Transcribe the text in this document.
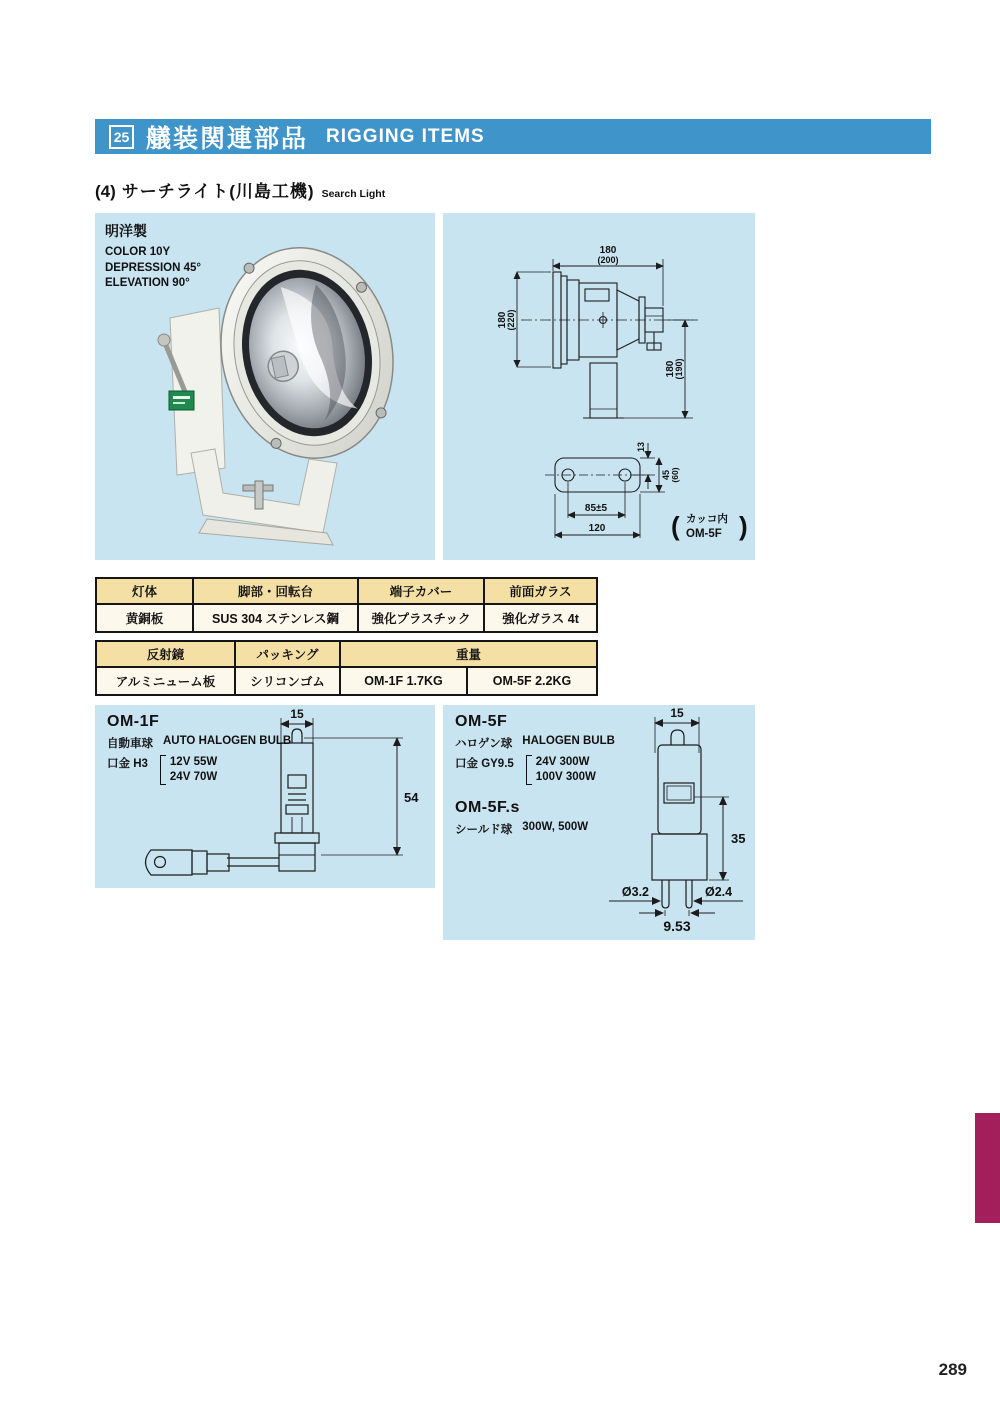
25 艤装関連部品 RIGGING ITEMS
(4) サーチライト(川島工機) Search Light
明洋製
COLOR 10Y
DEPRESSION 45°
ELEVATION 90°
180
(200)
180
(220)
180
(190)
85±5
120
13
45 (60)
( カッコ内
OM-5F )
灯体	脚部・回転台	端子カバー	前面ガラス
黄銅板	SUS 304 ステンレス鋼	強化プラスチック	強化ガラス 4t
反射鏡	パッキング	重量
アルミニューム板	シリコンゴム	OM-1F 1.7KG	OM-5F 2.2KG
OM-1F
自動車球 AUTO HALOGEN BULB
口金 H3 12V 55W
24V 70W
15
54
OM-5F
ハロゲン球 HALOGEN BULB
口金 GY9.5 24V 300W
100V 300W
OM-5F.s
シールド球 300W, 500W
15
35
Ø3.2	Ø2.4
9.53
289
